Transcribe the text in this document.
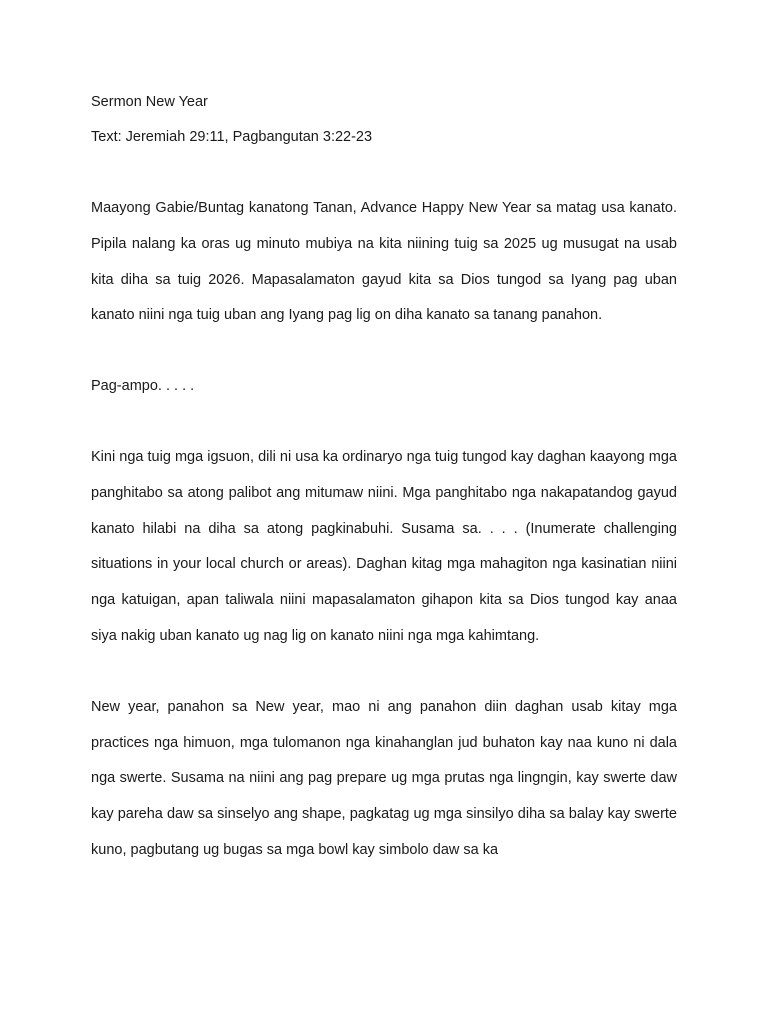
Sermon New Year

Text: Jeremiah 29:11, Pagbangutan 3:22-23

Maayong Gabie/Buntag kanatong Tanan, Advance Happy New Year sa matag usa kanato. Pipila nalang ka oras ug minuto mubiya na kita niining tuig sa 2025 ug musugat na usab kita diha sa tuig 2026. Mapasalamaton gayud kita sa Dios tungod sa Iyang pag uban kanato niini nga tuig uban ang Iyang pag lig on diha kanato sa tanang panahon.

Pag-ampo. . . . .

Kini nga tuig mga igsuon, dili ni usa ka ordinaryo nga tuig tungod kay daghan kaayong mga panghitabo sa atong palibot ang mitumaw niini. Mga panghitabo nga nakapatandog gayud kanato hilabi na diha sa atong pagkinabuhi. Susama sa. . . . (Inumerate challenging situations in your local church or areas). Daghan kitag mga mahagiton nga kasinatian niini nga katuigan, apan taliwala niini mapasalamaton gihapon kita sa Dios tungod kay anaa siya nakig uban kanato ug nag lig on kanato niini nga mga kahimtang.

New year, panahon sa New year, mao ni ang panahon diin daghan usab kitay mga practices nga himuon, mga tulomanon nga kinahanglan jud buhaton kay naa kuno ni dala nga swerte. Susama na niini ang pag prepare ug mga prutas nga lingngin, kay swerte daw kay pareha daw sa sinselyo ang shape, pagkatag ug mga sinsilyo diha sa balay kay swerte kuno, pagbutang ug bugas sa mga bowl kay simbolo daw sa ka
